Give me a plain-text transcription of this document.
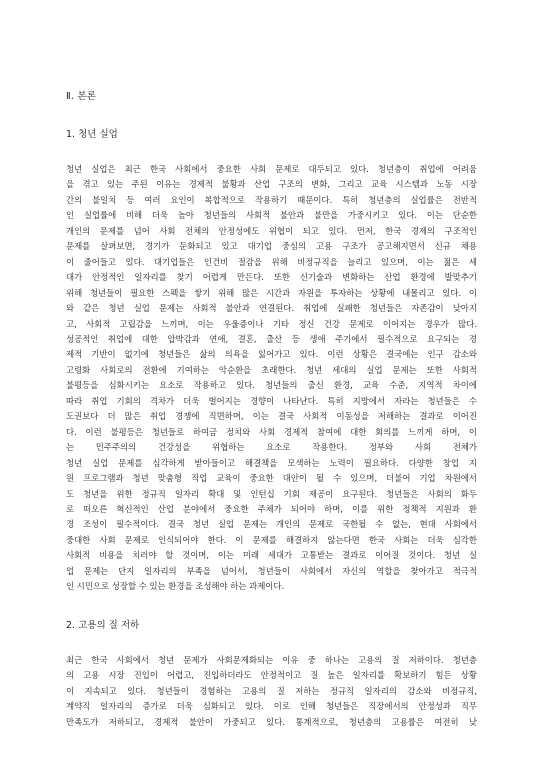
Ⅱ. 본론
1. 청년 실업
청년 실업은 최근 한국 사회에서 중요한 사회 문제로 대두되고 있다. 청년층이 취업에 어려움
을 겪고 있는 주된 이유는 경제적 불황과 산업 구조의 변화, 그리고 교육 시스템과 노동 시장
간의 불일치 등 여러 요인이 복합적으로 작용하기 때문이다. 특히 청년층의 실업률은 전반적
인 실업률에 비해 더욱 높아 청년들의 사회적 불안과 불만을 가중시키고 있다. 이는 단순한
개인의 문제를 넘어 사회 전체의 안정성에도 위협이 되고 있다. 먼저, 한국 경제의 구조적인
문제를 살펴보면, 경기가 둔화되고 있고 대기업 중심의 고용 구조가 공고해지면서 신규 채용
이 줄어들고 있다. 대기업들은 인건비 절감을 위해 비정규직을 늘리고 있으며, 이는 젊은 세
대가 안정적인 일자리를 찾기 어렵게 만든다. 또한 신기술과 변화하는 산업 환경에 발맞추기
위해 청년들이 필요한 스펙을 쌓기 위해 많은 시간과 자원을 투자하는 상황에 내몰리고 있다. 이
와 같은 청년 실업 문제는 사회적 불안과 연결된다. 취업에 실패한 청년들은 자존감이 낮아지
고, 사회적 고립감을 느끼며, 이는 우울증이나 기타 정신 건강 문제로 이어지는 경우가 많다.
성공적인 취업에 대한 압박감과 연애, 결혼, 출산 등 생애 주기에서 필수적으로 요구되는 경
제적 기반이 없기에 청년들은 삶의 의욕을 잃어가고 있다. 이런 상황은 결국에는 인구 감소와
고령화 사회로의 전환에 기여하는 악순환을 초래한다. 청년 세대의 실업 문제는 또한 사회적
불평등을 심화시키는 요소로 작용하고 있다. 청년들의 출신 환경, 교육 수준, 지역적 차이에
따라 취업 기회의 격차가 더욱 벌어지는 경향이 나타난다. 특히 지방에서 자라는 청년들은 수
도권보다 더 많은 취업 경쟁에 직면하며, 이는 결국 사회적 이동성을 저해하는 결과로 이어진
다. 이런 불평등은 청년들로 하여금 정치와 사회 경제적 참여에 대한 회의를 느끼게 하며, 이
는 민주주의의 건강성을 위협하는 요소로 작용한다. 정부와 사회 전체가
청년 실업 문제를 심각하게 받아들이고 해결책을 모색하는 노력이 필요하다. 다양한 창업 지
원 프로그램과 청년 맞춤형 직업 교육이 중요한 대안이 될 수 있으며, 더불어 기업 차원에서
도 청년을 위한 정규직 일자리 확대 및 인턴십 기회 제공이 요구된다. 청년들은 사회의 화두
로 떠오른 혁신적인 산업 분야에서 중요한 주체가 되어야 하며, 이를 위한 정책적 지원과 환
경 조성이 필수적이다. 결국 청년 실업 문제는 개인의 문제로 국한될 수 없는, 현대 사회에서
중대한 사회 문제로 인식되어야 한다. 이 문제를 해결하지 않는다면 한국 사회는 더욱 심각한
사회적 비용을 치러야 할 것이며, 이는 미래 세대가 고통받는 결과로 이어질 것이다. 청년 실
업 문제는 단지 일자리의 부족을 넘어서, 청년들이 사회에서 자신의 역할을 찾아가고 적극적
인 시민으로 성장할 수 있는 환경을 조성해야 하는 과제이다.
2. 고용의 질 저하
최근 한국 사회에서 청년 문제가 사회문제화되는 이유 중 하나는 고용의 질 저하이다. 청년층
의 고용 시장 진입이 어렵고, 진입하더라도 안정적이고 질 높은 일자리를 확보하기 힘든 상황
이 지속되고 있다. 청년들이 경험하는 고용의 질 저하는 정규직 일자리의 감소와 비정규직,
계약직 일자리의 증가로 더욱 심화되고 있다. 이로 인해 청년들은 직장에서의 안정성과 직무
만족도가 저하되고, 경제적 불안이 가중되고 있다. 통계적으로, 청년층의 고용률은 여전히 낮
